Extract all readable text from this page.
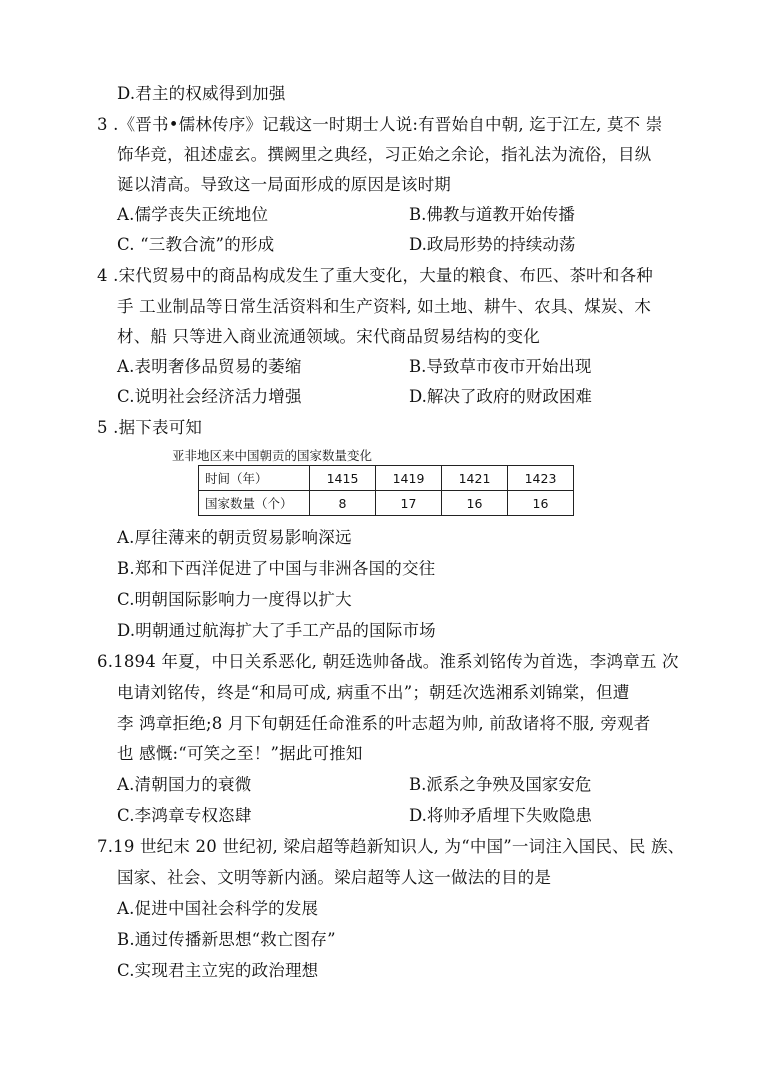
D.君主的权威得到加强
3 .《晋书•儒林传序》记载这一时期士人说:有晋始自中朝, 迄于江左, 莫不 崇
饰华竞，祖述虚玄。撰阙里之典经，习正始之余论，指礼法为流俗，目纵
诞以清高。导致这一局面形成的原因是该时期
A.儒学丧失正统地位	B.佛教与道教开始传播
C. “三教合流”的形成	D.政局形势的持续动荡
4 .宋代贸易中的商品构成发生了重大变化，大量的粮食、布匹、茶叶和各种
手 工业制品等日常生活资料和生产资料, 如土地、耕牛、农具、煤炭、木
材、船 只等进入商业流通领域。宋代商品贸易结构的变化
A.表明奢侈品贸易的萎缩	B.导致草市夜市开始出现
C.说明社会经济活力增强	D.解决了政府的财政困难
5 .据下表可知
亚非地区来中国朝贡的国家数量变化
时间（年）	1415	1419	1421	1423
国家数量（个）	8	17	16	16
A.厚往薄来的朝贡贸易影响深远
B.郑和下西洋促进了中国与非洲各国的交往
C.明朝国际影响力一度得以扩大
D.明朝通过航海扩大了手工产品的国际市场
6.1894 年夏，中日关系恶化, 朝廷选帅备战。淮系刘铭传为首选，李鸿章五 次
电请刘铭传，终是“和局可成, 病重不出”；朝廷次选湘系刘锦棠，但遭
李 鸿章拒绝;8 月下旬朝廷任命淮系的叶志超为帅, 前敌诸将不服, 旁观者
也 感慨:“可笑之至！”据此可推知
A.清朝国力的衰微	B.派系之争殃及国家安危
C.李鸿章专权恣肆	D.将帅矛盾埋下失败隐患
7.19 世纪末 20 世纪初, 梁启超等趋新知识人, 为“中国”一词注入国民、民 族、
国家、社会、文明等新内涵。梁启超等人这一做法的目的是
A.促进中国社会科学的发展
B.通过传播新思想“救亡图存”
C.实现君主立宪的政治理想
